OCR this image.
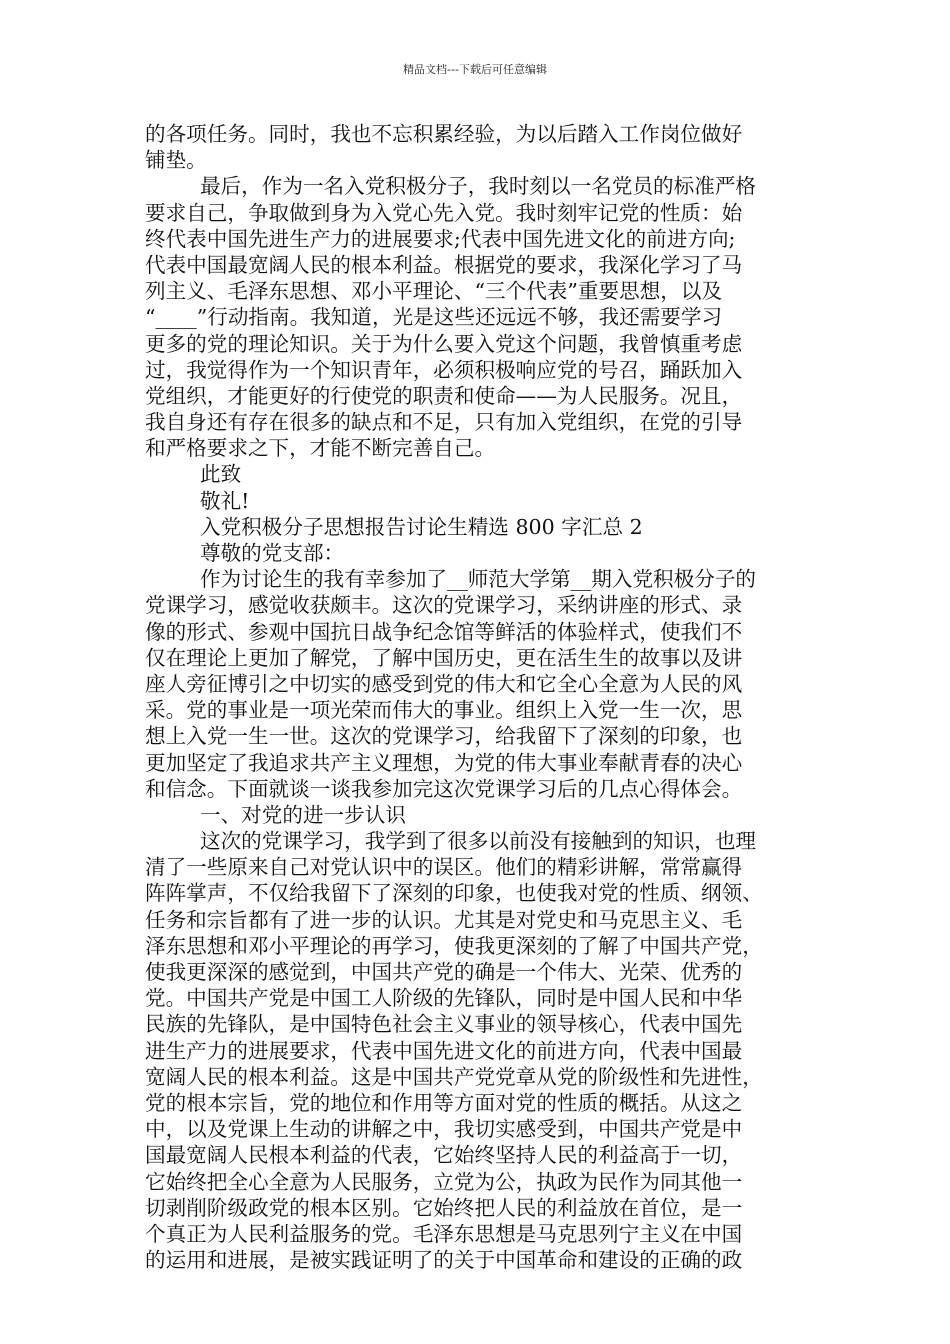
精品文档---下载后可任意编辑
的各项任务。同时，我也不忘积累经验，为以后踏入工作岗位做好
铺垫。
最后，作为一名入党积极分子，我时刻以一名党员的标准严格
要求自己，争取做到身为入党心先入党。我时刻牢记党的性质：始
终代表中国先进生产力的进展要求;代表中国先进文化的前进方向;
代表中国最宽阔人民的根本利益。根据党的要求，我深化学习了马
列主义、毛泽东思想、邓小平理论、“三个代表”重要思想，以及
“____”行动指南。我知道，光是这些还远远不够，我还需要学习
更多的党的理论知识。关于为什么要入党这个问题，我曾慎重考虑
过，我觉得作为一个知识青年，必须积极响应党的号召，踊跃加入
党组织，才能更好的行使党的职责和使命——为人民服务。况且，
我自身还有存在很多的缺点和不足，只有加入党组织，在党的引导
和严格要求之下，才能不断完善自己。
此致
敬礼!
入党积极分子思想报告讨论生精选 800 字汇总 2
尊敬的党支部：
作为讨论生的我有幸参加了__师范大学第__期入党积极分子的
党课学习，感觉收获颇丰。这次的党课学习，采纳讲座的形式、录
像的形式、参观中国抗日战争纪念馆等鲜活的体验样式，使我们不
仅在理论上更加了解党，了解中国历史，更在活生生的故事以及讲
座人旁征博引之中切实的感受到党的伟大和它全心全意为人民的风
采。党的事业是一项光荣而伟大的事业。组织上入党一生一次，思
想上入党一生一世。这次的党课学习，给我留下了深刻的印象，也
更加坚定了我追求共产主义理想，为党的伟大事业奉献青春的决心
和信念。下面就谈一谈我参加完这次党课学习后的几点心得体会。
一、对党的进一步认识
这次的党课学习，我学到了很多以前没有接触到的知识，也理
清了一些原来自己对党认识中的误区。他们的精彩讲解，常常赢得
阵阵掌声，不仅给我留下了深刻的印象，也使我对党的性质、纲领、
任务和宗旨都有了进一步的认识。尤其是对党史和马克思主义、毛
泽东思想和邓小平理论的再学习，使我更深刻的了解了中国共产党，
使我更深深的感觉到，中国共产党的确是一个伟大、光荣、优秀的
党。中国共产党是中国工人阶级的先锋队，同时是中国人民和中华
民族的先锋队，是中国特色社会主义事业的领导核心，代表中国先
进生产力的进展要求，代表中国先进文化的前进方向，代表中国最
宽阔人民的根本利益。这是中国共产党党章从党的阶级性和先进性，
党的根本宗旨，党的地位和作用等方面对党的性质的概括。从这之
中，以及党课上生动的讲解之中，我切实感受到，中国共产党是中
国最宽阔人民根本利益的代表，它始终坚持人民的利益高于一切，
它始终把全心全意为人民服务，立党为公，执政为民作为同其他一
切剥削阶级政党的根本区别。它始终把人民的利益放在首位，是一
个真正为人民利益服务的党。毛泽东思想是马克思列宁主义在中国
的运用和进展，是被实践证明了的关于中国革命和建设的正确的政
